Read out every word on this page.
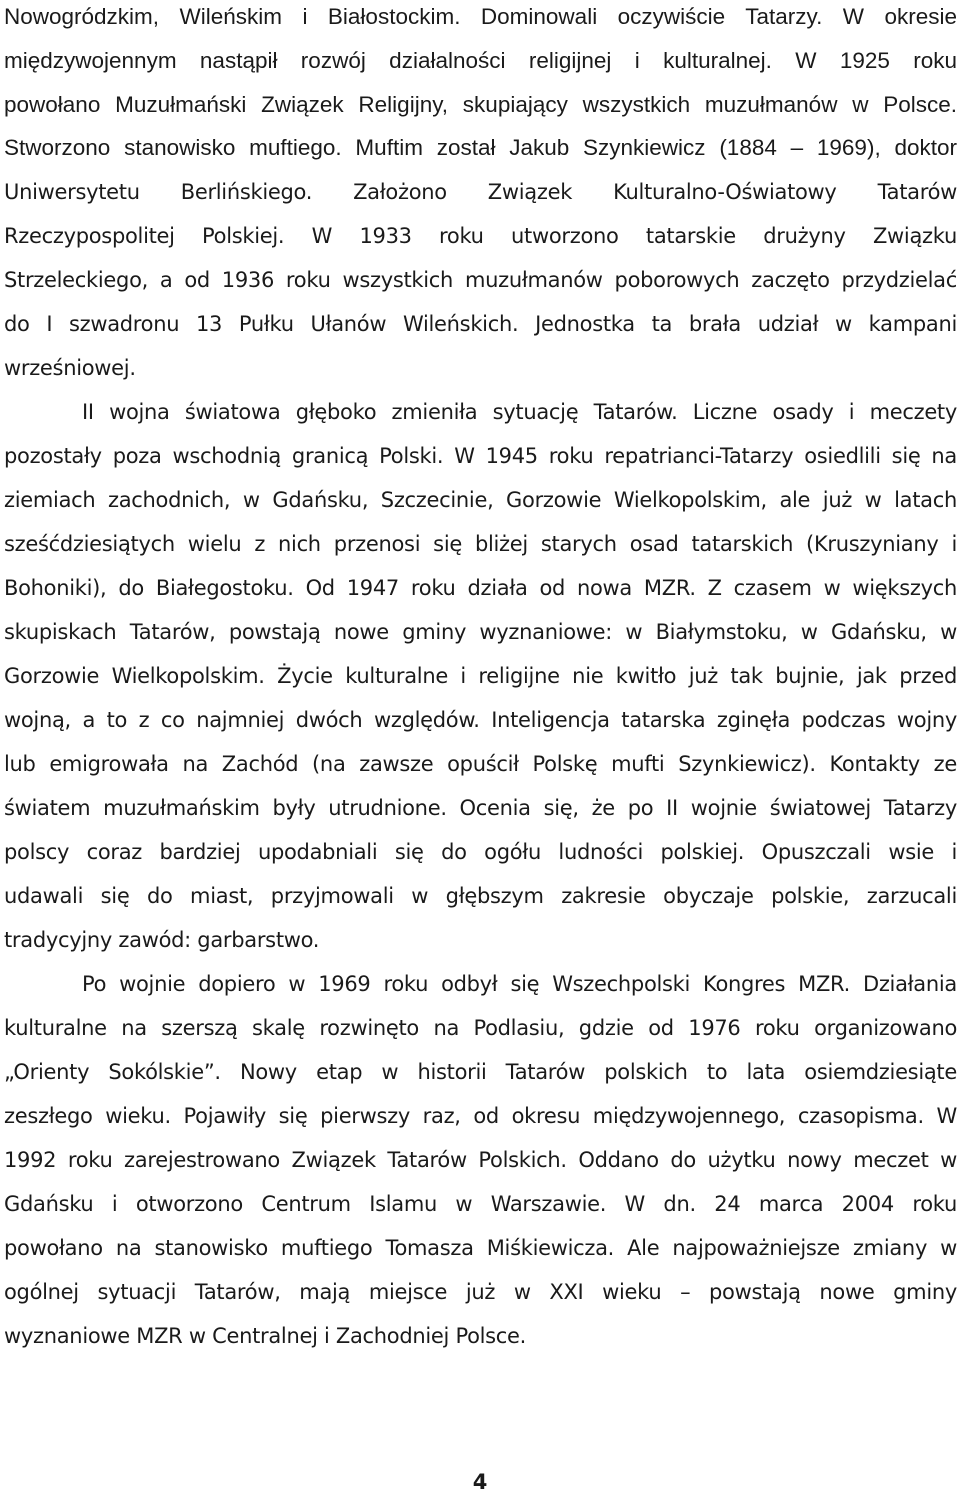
Nowogródzkim, Wileńskim i Białostockim. Dominowali oczywiście Tatarzy. W okresie
międzywojennym nastąpił rozwój działalności religijnej i kulturalnej. W 1925 roku
powołano Muzułmański Związek Religijny, skupiający wszystkich muzułmanów w Polsce.
Stworzono stanowisko muftiego. Muftim został Jakub Szynkiewicz (1884 – 1969), doktor
Uniwersytetu Berlińskiego. Założono Związek Kulturalno-Oświatowy Tatarów
Rzeczypospolitej Polskiej. W 1933 roku utworzono tatarskie drużyny Związku
Strzeleckiego, a od 1936 roku wszystkich muzułmanów poborowych zaczęto przydzielać
do I szwadronu 13 Pułku Ułanów Wileńskich. Jednostka ta brała udział w kampani
wrześniowej.
II wojna światowa głęboko zmieniła sytuację Tatarów. Liczne osady i meczety
pozostały poza wschodnią granicą Polski. W 1945 roku repatrianci-Tatarzy osiedlili się na
ziemiach zachodnich, w Gdańsku, Szczecinie, Gorzowie Wielkopolskim, ale już w latach
sześćdziesiątych wielu z nich przenosi się bliżej starych osad tatarskich (Kruszyniany i
Bohoniki), do Białegostoku. Od 1947 roku działa od nowa MZR. Z czasem w większych
skupiskach Tatarów, powstają nowe gminy wyznaniowe: w Białymstoku, w Gdańsku, w
Gorzowie Wielkopolskim. Życie kulturalne i religijne nie kwitło już tak bujnie, jak przed
wojną, a to z co najmniej dwóch względów. Inteligencja tatarska zginęła podczas wojny
lub emigrowała na Zachód (na zawsze opuścił Polskę mufti Szynkiewicz). Kontakty ze
światem muzułmańskim były utrudnione. Ocenia się, że po II wojnie światowej Tatarzy
polscy coraz bardziej upodabniali się do ogółu ludności polskiej. Opuszczali wsie i
udawali się do miast, przyjmowali w głębszym zakresie obyczaje polskie, zarzucali
tradycyjny zawód: garbarstwo.
Po wojnie dopiero w 1969 roku odbył się Wszechpolski Kongres MZR. Działania
kulturalne na szerszą skalę rozwinęto na Podlasiu, gdzie od 1976 roku organizowano
„Orienty Sokólskie”. Nowy etap w historii Tatarów polskich to lata osiemdziesiąte
zeszłego wieku. Pojawiły się pierwszy raz, od okresu międzywojennego, czasopisma. W
1992 roku zarejestrowano Związek Tatarów Polskich. Oddano do użytku nowy meczet w
Gdańsku i otworzono Centrum Islamu w Warszawie. W dn. 24 marca 2004 roku
powołano na stanowisko muftiego Tomasza Miśkiewicza. Ale najpoważniejsze zmiany w
ogólnej sytuacji Tatarów, mają miejsce już w XXI wieku – powstają nowe gminy
wyznaniowe MZR w Centralnej i Zachodniej Polsce.
4
